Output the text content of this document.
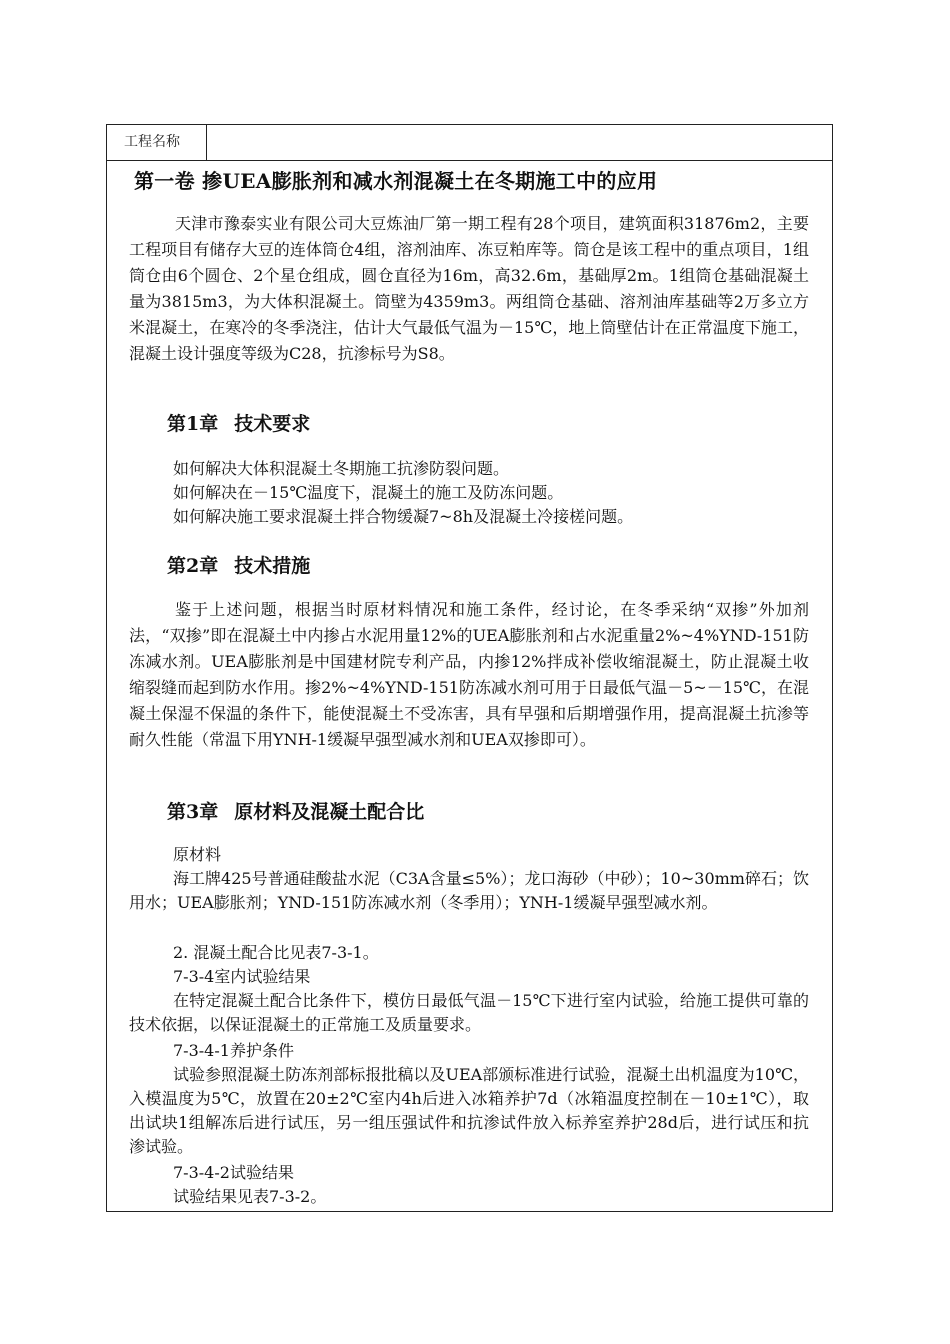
工程名称
第一卷 掺UEA膨胀剂和减水剂混凝土在冬期施工中的应用
天津市豫泰实业有限公司大豆炼油厂第一期工程有28个项目，建筑面积31876m2，主要工程项目有储存大豆的连体筒仓4组，溶剂油库、冻豆粕库等。筒仓是该工程中的重点项目，1组筒仓由6个圆仓、2个星仓组成，圆仓直径为16m，高32.6m，基础厚2m。1组筒仓基础混凝土量为3815m3，为大体积混凝土。筒壁为4359m3。两组筒仓基础、溶剂油库基础等2万多立方米混凝土，在寒冷的冬季浇注，估计大气最低气温为－15℃，地上筒壁估计在正常温度下施工，混凝土设计强度等级为C28，抗渗标号为S8。
第1章 技术要求
如何解决大体积混凝土冬期施工抗渗防裂问题。
如何解决在－15℃温度下，混凝土的施工及防冻问题。
如何解决施工要求混凝土拌合物缓凝7~8h及混凝土冷接槎问题。
第2章 技术措施
鉴于上述问题，根据当时原材料情况和施工条件，经讨论，在冬季采纳“双掺”外加剂法，“双掺”即在混凝土中内掺占水泥用量12%的UEA膨胀剂和占水泥重量2%~4%YND-151防冻减水剂。UEA膨胀剂是中国建材院专利产品，内掺12%拌成补偿收缩混凝土，防止混凝土收缩裂缝而起到防水作用。掺2%~4%YND-151防冻减水剂可用于日最低气温－5~－15℃，在混凝土保湿不保温的条件下，能使混凝土不受冻害，具有早强和后期增强作用，提高混凝土抗渗等耐久性能（常温下用YNH-1缓凝早强型减水剂和UEA双掺即可）。
第3章 原材料及混凝土配合比
原材料
海工牌425号普通硅酸盐水泥（C3A含量≤5%）；龙口海砂（中砂）；10~30mm碎石；饮用水；UEA膨胀剂；YND-151防冻减水剂（冬季用）；YNH-1缓凝早强型减水剂。
2. 混凝土配合比见表7-3-1。
7-3-4室内试验结果
在特定混凝土配合比条件下，模仿日最低气温－15℃下进行室内试验，给施工提供可靠的技术依据，以保证混凝土的正常施工及质量要求。
7-3-4-1养护条件
试验参照混凝土防冻剂部标报批稿以及UEA部颁标准进行试验，混凝土出机温度为10℃，入模温度为5℃，放置在20±2℃室内4h后进入冰箱养护7d（冰箱温度控制在－10±1℃），取出试块1组解冻后进行试压，另一组压强试件和抗渗试件放入标养室养护28d后，进行试压和抗渗试验。
7-3-4-2试验结果
试验结果见表7-3-2。
